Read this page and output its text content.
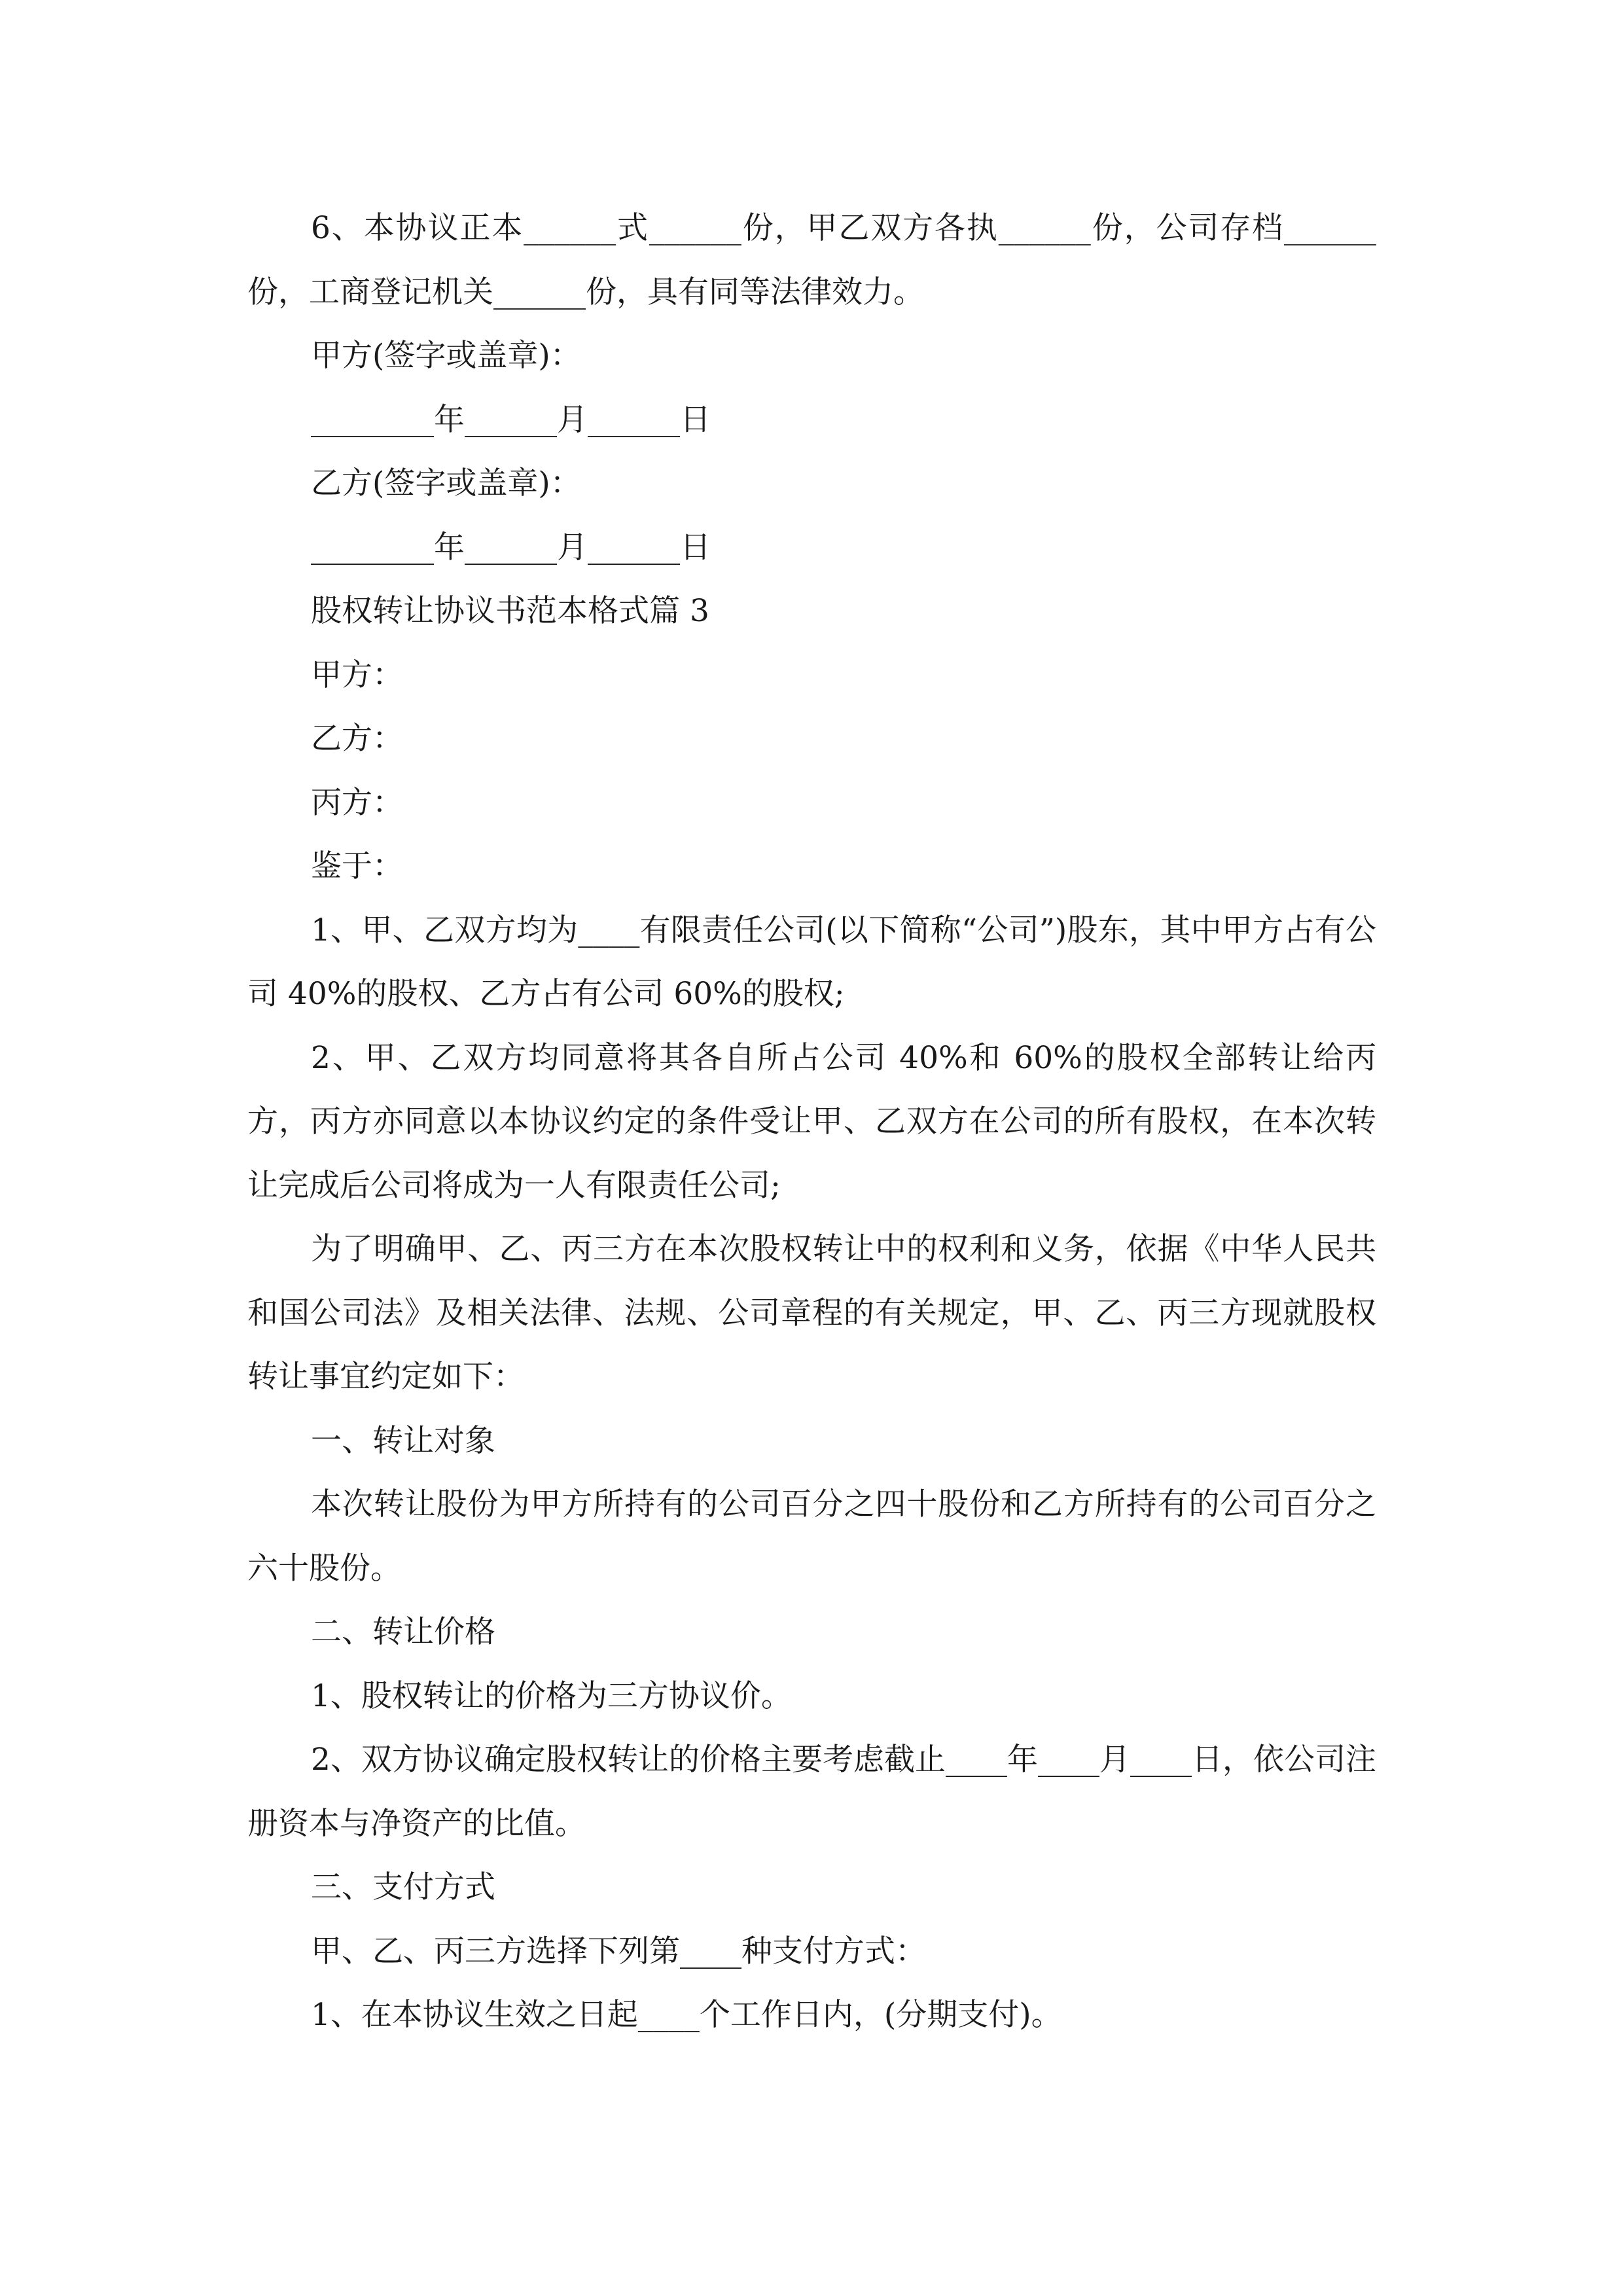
6、本协议正本______式______份，甲乙双方各执______份，公司存档______份，工商登记机关______份，具有同等法律效力。

甲方(签字或盖章)：

________年______月______日

乙方(签字或盖章)：

________年______月______日

股权转让协议书范本格式篇 3

甲方：

乙方：

丙方：

鉴于：

1、甲、乙双方均为____有限责任公司(以下简称“公司”)股东，其中甲方占有公司 40%的股权、乙方占有公司 60%的股权;

2、甲、乙双方均同意将其各自所占公司 40%和 60%的股权全部转让给丙方，丙方亦同意以本协议约定的条件受让甲、乙双方在公司的所有股权，在本次转让完成后公司将成为一人有限责任公司;

为了明确甲、乙、丙三方在本次股权转让中的权利和义务，依据《中华人民共和国公司法》及相关法律、法规、公司章程的有关规定，甲、乙、丙三方现就股权转让事宜约定如下：

一、转让对象

本次转让股份为甲方所持有的公司百分之四十股份和乙方所持有的公司百分之六十股份。

二、转让价格

1、股权转让的价格为三方协议价。

2、双方协议确定股权转让的价格主要考虑截止____年____月____日，依公司注册资本与净资产的比值。

三、支付方式

甲、乙、丙三方选择下列第____种支付方式：

1、在本协议生效之日起____个工作日内，(分期支付)。
